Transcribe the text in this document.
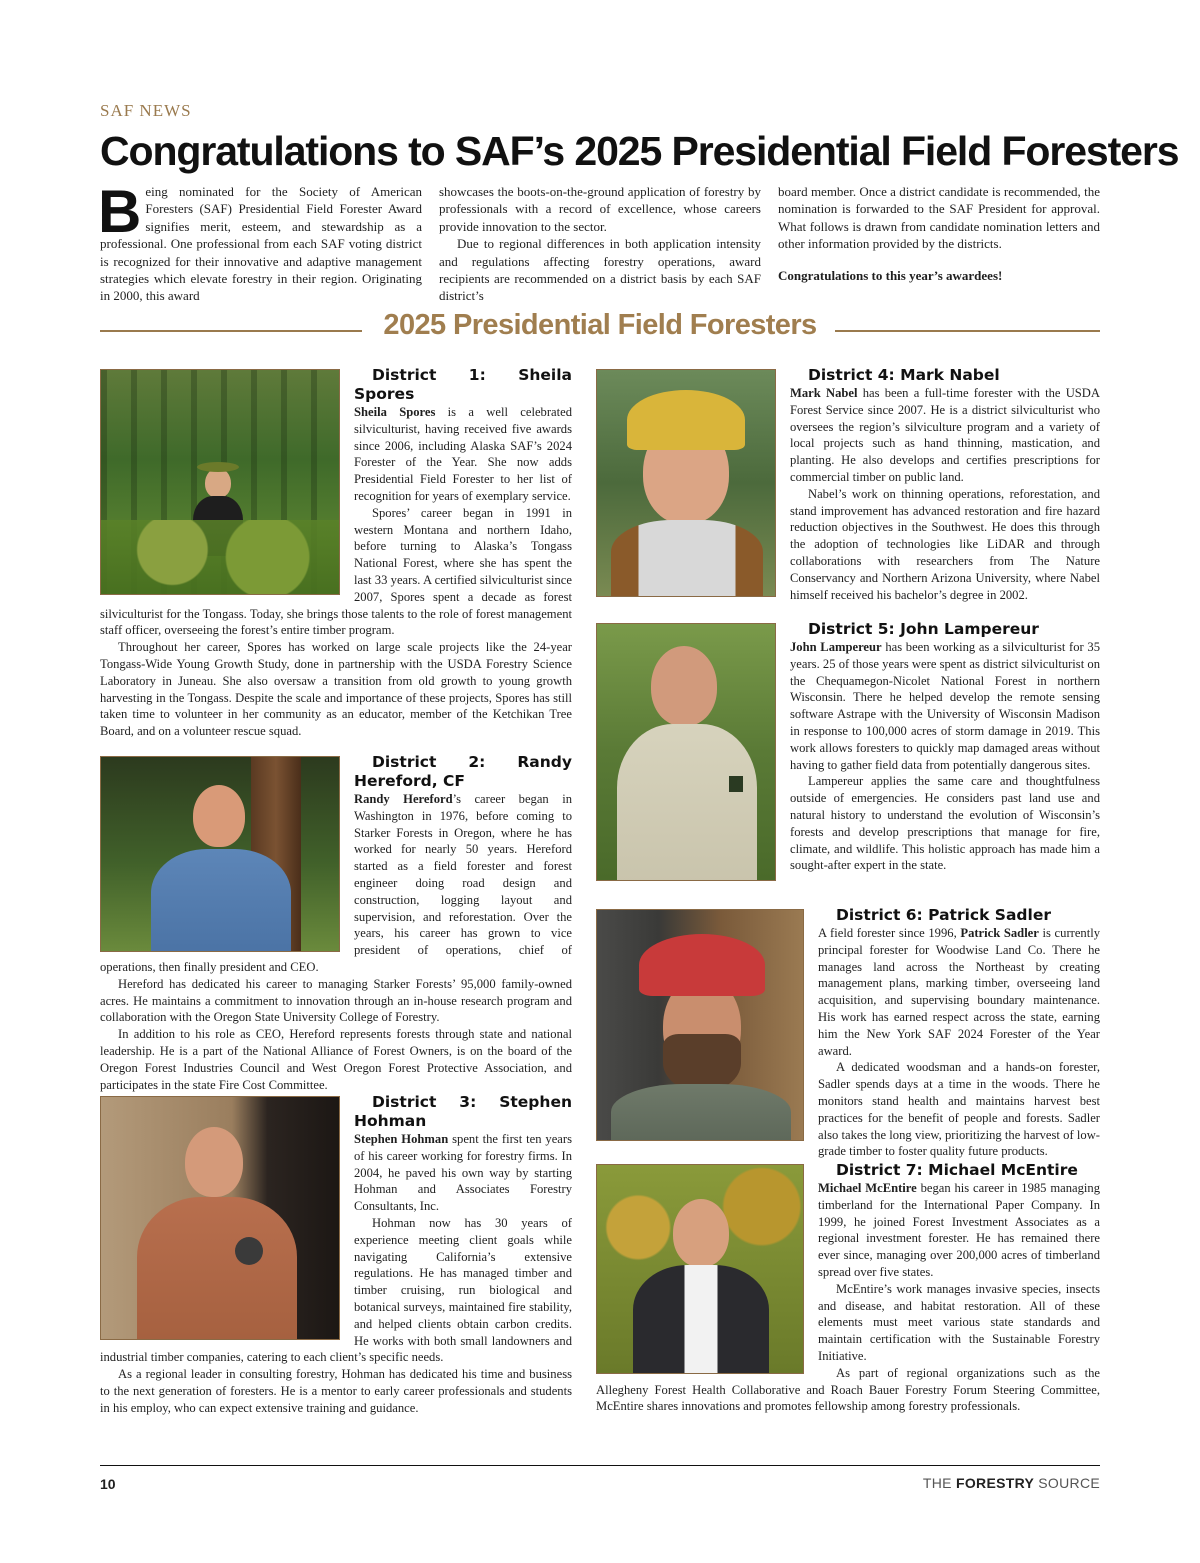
SAF NEWS
Congratulations to SAF’s 2025 Presidential Field Foresters

Being nominated for the Society of American Foresters (SAF) Presidential Field Forester Award signifies merit, esteem, and stewardship as a professional. One professional from each SAF voting district is recognized for their innovative and adaptive management strategies which elevate forestry in their region. Originating in 2000, this award

showcases the boots-on-the-ground application of forestry by professionals with a record of excellence, whose careers provide innovation to the sector.

Due to regional differences in both application intensity and regulations affecting forestry operations, award recipients are recommended on a district basis by each SAF district’s

board member. Once a district candidate is recommended, the nomination is forwarded to the SAF President for approval. What follows is drawn from candidate nomination letters and other information provided by the districts.

Congratulations to this year’s awardees!

2025 Presidential Field Foresters

District 1: Sheila Spores

Sheila Spores is a well celebrated silviculturist, having received five awards since 2006, including Alaska SAF’s 2024 Forester of the Year. She now adds Presidential Field Forester to her list of recognition for years of exemplary service.

Spores’ career began in 1991 in western Montana and northern Idaho, before turning to Alaska’s Tongass National Forest, where she has spent the last 33 years. A certified silviculturist since 2007, Spores spent a decade as forest silviculturist for the Tongass. Today, she brings those talents to the role of forest management staff officer, overseeing the forest’s entire timber program.

Throughout her career, Spores has worked on large scale projects like the 24-year Tongass-Wide Young Growth Study, done in partnership with the USDA Forestry Science Laboratory in Juneau. She also oversaw a transition from old growth to young growth harvesting in the Tongass. Despite the scale and importance of these projects, Spores has still taken time to volunteer in her community as an educator, member of the Ketchikan Tree Board, and on a volunteer rescue squad.

District 2: Randy Hereford, CF

Randy Hereford’s career began in Washington in 1976, before coming to Starker Forests in Oregon, where he has worked for nearly 50 years. Hereford started as a field forester and forest engineer doing road design and construction, logging layout and supervision, and reforestation. Over the years, his career has grown to vice president of operations, chief of operations, then finally president and CEO.

Hereford has dedicated his career to managing Starker Forests’ 95,000 family-owned acres. He maintains a commitment to innovation through an in-house research program and collaboration with the Oregon State University College of Forestry.

In addition to his role as CEO, Hereford represents forests through state and national leadership. He is a part of the National Alliance of Forest Owners, is on the board of the Oregon Forest Industries Council and West Oregon Forest Protective Association, and participates in the state Fire Cost Committee.

District 3: Stephen Hohman

Stephen Hohman spent the first ten years of his career working for forestry firms. In 2004, he paved his own way by starting Hohman and Associates Forestry Consultants, Inc.

Hohman now has 30 years of experience meeting client goals while navigating California’s extensive regulations. He has managed timber and timber cruising, run biological and botanical surveys, maintained fire stability, and helped clients obtain carbon credits. He works with both small landowners and industrial timber companies, catering to each client’s specific needs.

As a regional leader in consulting forestry, Hohman has dedicated his time and business to the next generation of foresters. He is a mentor to early career professionals and students in his employ, who can expect extensive training and guidance.

District 4: Mark Nabel

Mark Nabel has been a full-time forester with the USDA Forest Service since 2007. He is a district silviculturist who oversees the region’s silviculture program and a variety of local projects such as hand thinning, mastication, and planting. He also develops and certifies prescriptions for commercial timber on public land.

Nabel’s work on thinning operations, reforestation, and stand improvement has advanced restoration and fire hazard reduction objectives in the Southwest. He does this through the adoption of technologies like LiDAR and through collaborations with researchers from The Nature Conservancy and Northern Arizona University, where Nabel himself received his bachelor’s degree in 2002.

District 5: John Lampereur

John Lampereur has been working as a silviculturist for 35 years. 25 of those years were spent as district silviculturist on the Chequamegon-Nicolet National Forest in northern Wisconsin. There he helped develop the remote sensing software Astrape with the University of Wisconsin Madison in response to 100,000 acres of storm damage in 2019. This work allows foresters to quickly map damaged areas without having to gather field data from potentially dangerous sites.

Lampereur applies the same care and thoughtfulness outside of emergencies. He considers past land use and natural history to understand the evolution of Wisconsin’s forests and develop prescriptions that manage for fire, climate, and wildlife. This holistic approach has made him a sought-after expert in the state.

District 6: Patrick Sadler

A field forester since 1996, Patrick Sadler is currently principal forester for Woodwise Land Co. There he manages land across the Northeast by creating management plans, marking timber, overseeing land acquisition, and supervising boundary maintenance. His work has earned respect across the state, earning him the New York SAF 2024 Forester of the Year award.

A dedicated woodsman and a hands-on forester, Sadler spends days at a time in the woods. There he monitors stand health and maintains harvest best practices for the benefit of people and forests. Sadler also takes the long view, prioritizing the harvest of low-grade timber to foster quality future products.

District 7: Michael McEntire

Michael McEntire began his career in 1985 managing timberland for the International Paper Company. In 1999, he joined Forest Investment Associates as a regional investment forester. He has remained there ever since, managing over 200,000 acres of timberland spread over five states.

McEntire’s work manages invasive species, insects and disease, and habitat restoration. All of these elements must meet various state standards and maintain certification with the Sustainable Forestry Initiative.

As part of regional organizations such as the Allegheny Forest Health Collaborative and Roach Bauer Forestry Forum Steering Committee, McEntire shares innovations and promotes fellowship among forestry professionals.

10	THE FORESTRY SOURCE
